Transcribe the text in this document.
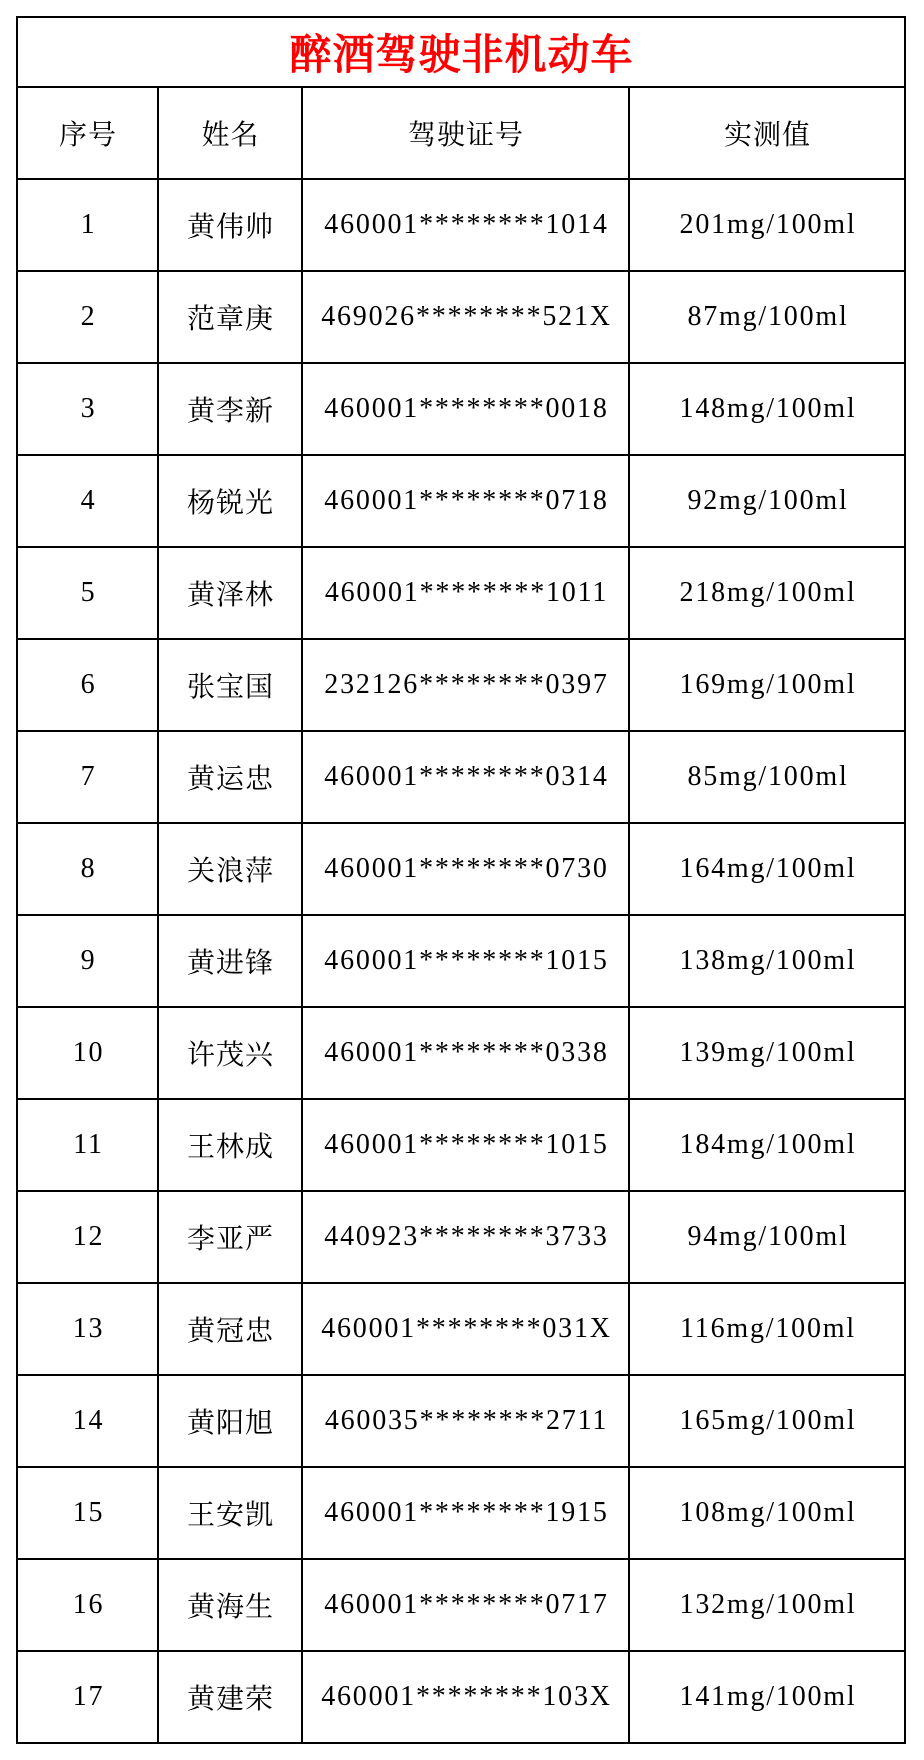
醉酒驾驶非机动车
序号	姓名	驾驶证号	实测值
1	黄伟帅	460001********1014	201mg/100ml
2	范章庚	469026********521X	87mg/100ml
3	黄李新	460001********0018	148mg/100ml
4	杨锐光	460001********0718	92mg/100ml
5	黄泽林	460001********1011	218mg/100ml
6	张宝国	232126********0397	169mg/100ml
7	黄运忠	460001********0314	85mg/100ml
8	关浪萍	460001********0730	164mg/100ml
9	黄进锋	460001********1015	138mg/100ml
10	许茂兴	460001********0338	139mg/100ml
11	王林成	460001********1015	184mg/100ml
12	李亚严	440923********3733	94mg/100ml
13	黄冠忠	460001********031X	116mg/100ml
14	黄阳旭	460035********2711	165mg/100ml
15	王安凯	460001********1915	108mg/100ml
16	黄海生	460001********0717	132mg/100ml
17	黄建荣	460001********103X	141mg/100ml
